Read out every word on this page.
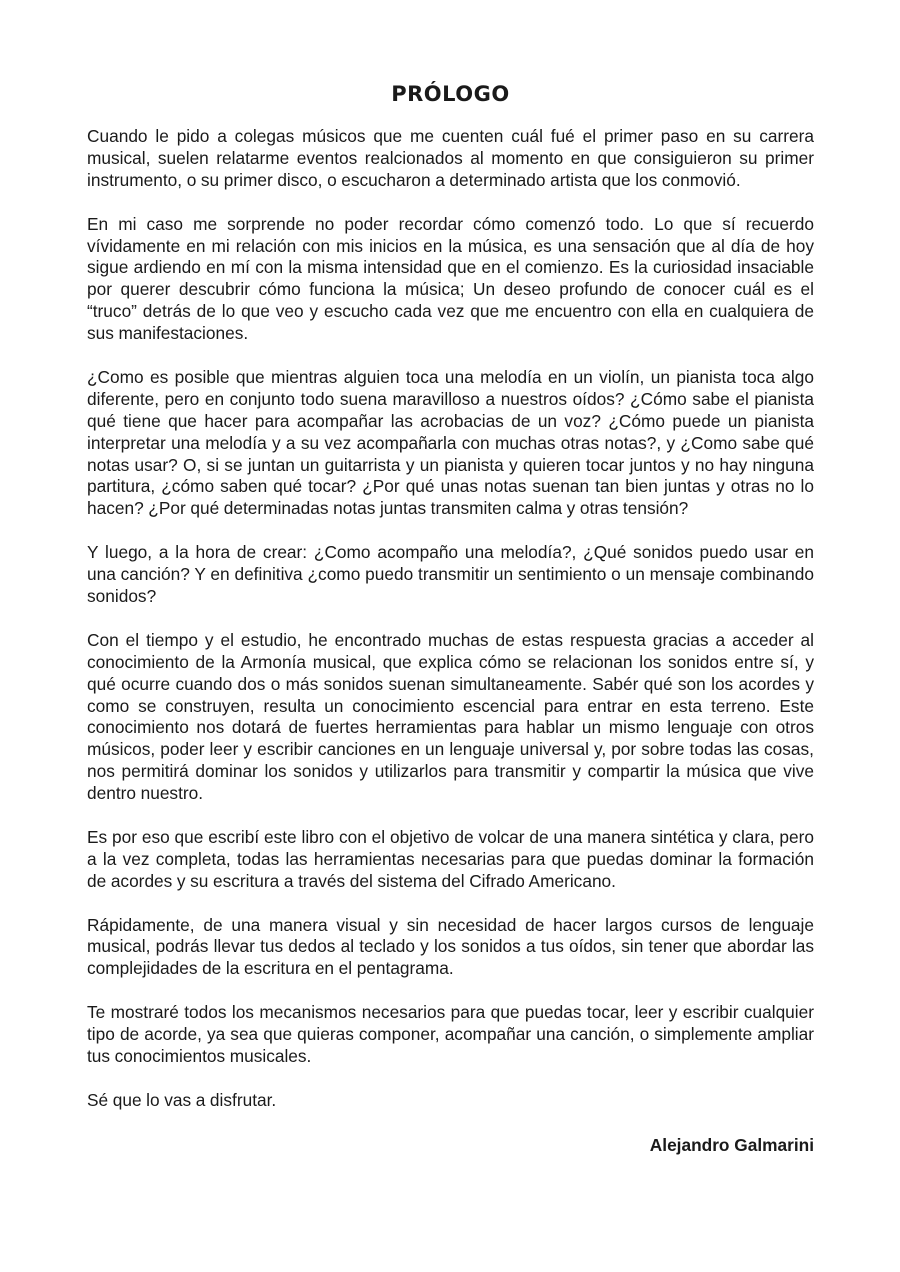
PRÓLOGO

Cuando le pido a colegas músicos que me cuenten cuál fué el primer paso en su carrera musical, suelen relatarme eventos realcionados al momento en que consiguieron su primer instrumento, o su primer disco, o escucharon a determinado artista que los conmovió.

En mi caso me sorprende no poder recordar cómo comenzó todo. Lo que sí recuerdo vívidamente en mi relación con mis inicios en la música, es una sensación que al día de hoy sigue ardiendo en mí con la misma intensidad que en el comienzo. Es la curiosidad insaciable por querer descubrir cómo funciona la música; Un deseo profundo de conocer cuál es el “truco” detrás de lo que veo y escucho cada vez que me encuentro con ella en cualquiera de sus manifestaciones.

¿Como es posible que mientras alguien toca una melodía en un violín, un pianista toca algo diferente, pero en conjunto todo suena maravilloso a nuestros oídos? ¿Cómo sabe el pianista qué tiene que hacer para acompañar las acrobacias de un voz? ¿Cómo puede un pianista interpretar una melodía y a su vez acompañarla con muchas otras notas?, y ¿Como sabe qué notas usar? O, si se juntan un guitarrista y un pianista y quieren tocar juntos y no hay ninguna partitura, ¿cómo saben qué tocar? ¿Por qué unas notas suenan tan bien juntas y otras no lo hacen? ¿Por qué determinadas notas juntas transmiten calma y otras tensión?

Y luego, a la hora de crear: ¿Como acompaño una melodía?, ¿Qué sonidos puedo usar en una canción? Y en definitiva ¿como puedo transmitir un sentimiento o un mensaje combinando sonidos?

Con el tiempo y el estudio, he encontrado muchas de estas respuesta gracias a acceder al conocimiento de la Armonía musical, que explica cómo se relacionan los sonidos entre sí, y qué ocurre cuando dos o más sonidos suenan simultaneamente. Sabér qué son los acordes y como se construyen, resulta un conocimiento escencial para entrar en esta terreno. Este conocimiento nos dotará de fuertes herramientas para hablar un mismo lenguaje con otros músicos, poder leer y escribir canciones en un lenguaje universal y, por sobre todas las cosas, nos permitirá dominar los sonidos y utilizarlos para transmitir y compartir la música que vive dentro nuestro.

Es por eso que escribí este libro con el objetivo de volcar de una manera sintética y clara, pero a la vez completa, todas las herramientas necesarias para que puedas dominar la formación de acordes y su escritura a través del sistema del Cifrado Americano.

Rápidamente, de una manera visual y sin necesidad de hacer largos cursos de lenguaje musical, podrás llevar tus dedos al teclado y los sonidos a tus oídos, sin tener que abordar las complejidades de la escritura en el pentagrama.

Te mostraré todos los mecanismos necesarios para que puedas tocar, leer y escribir cualquier tipo de acorde, ya sea que quieras componer, acompañar una canción, o simplemente ampliar tus conocimientos musicales.

Sé que lo vas a disfrutar.

Alejandro Galmarini
